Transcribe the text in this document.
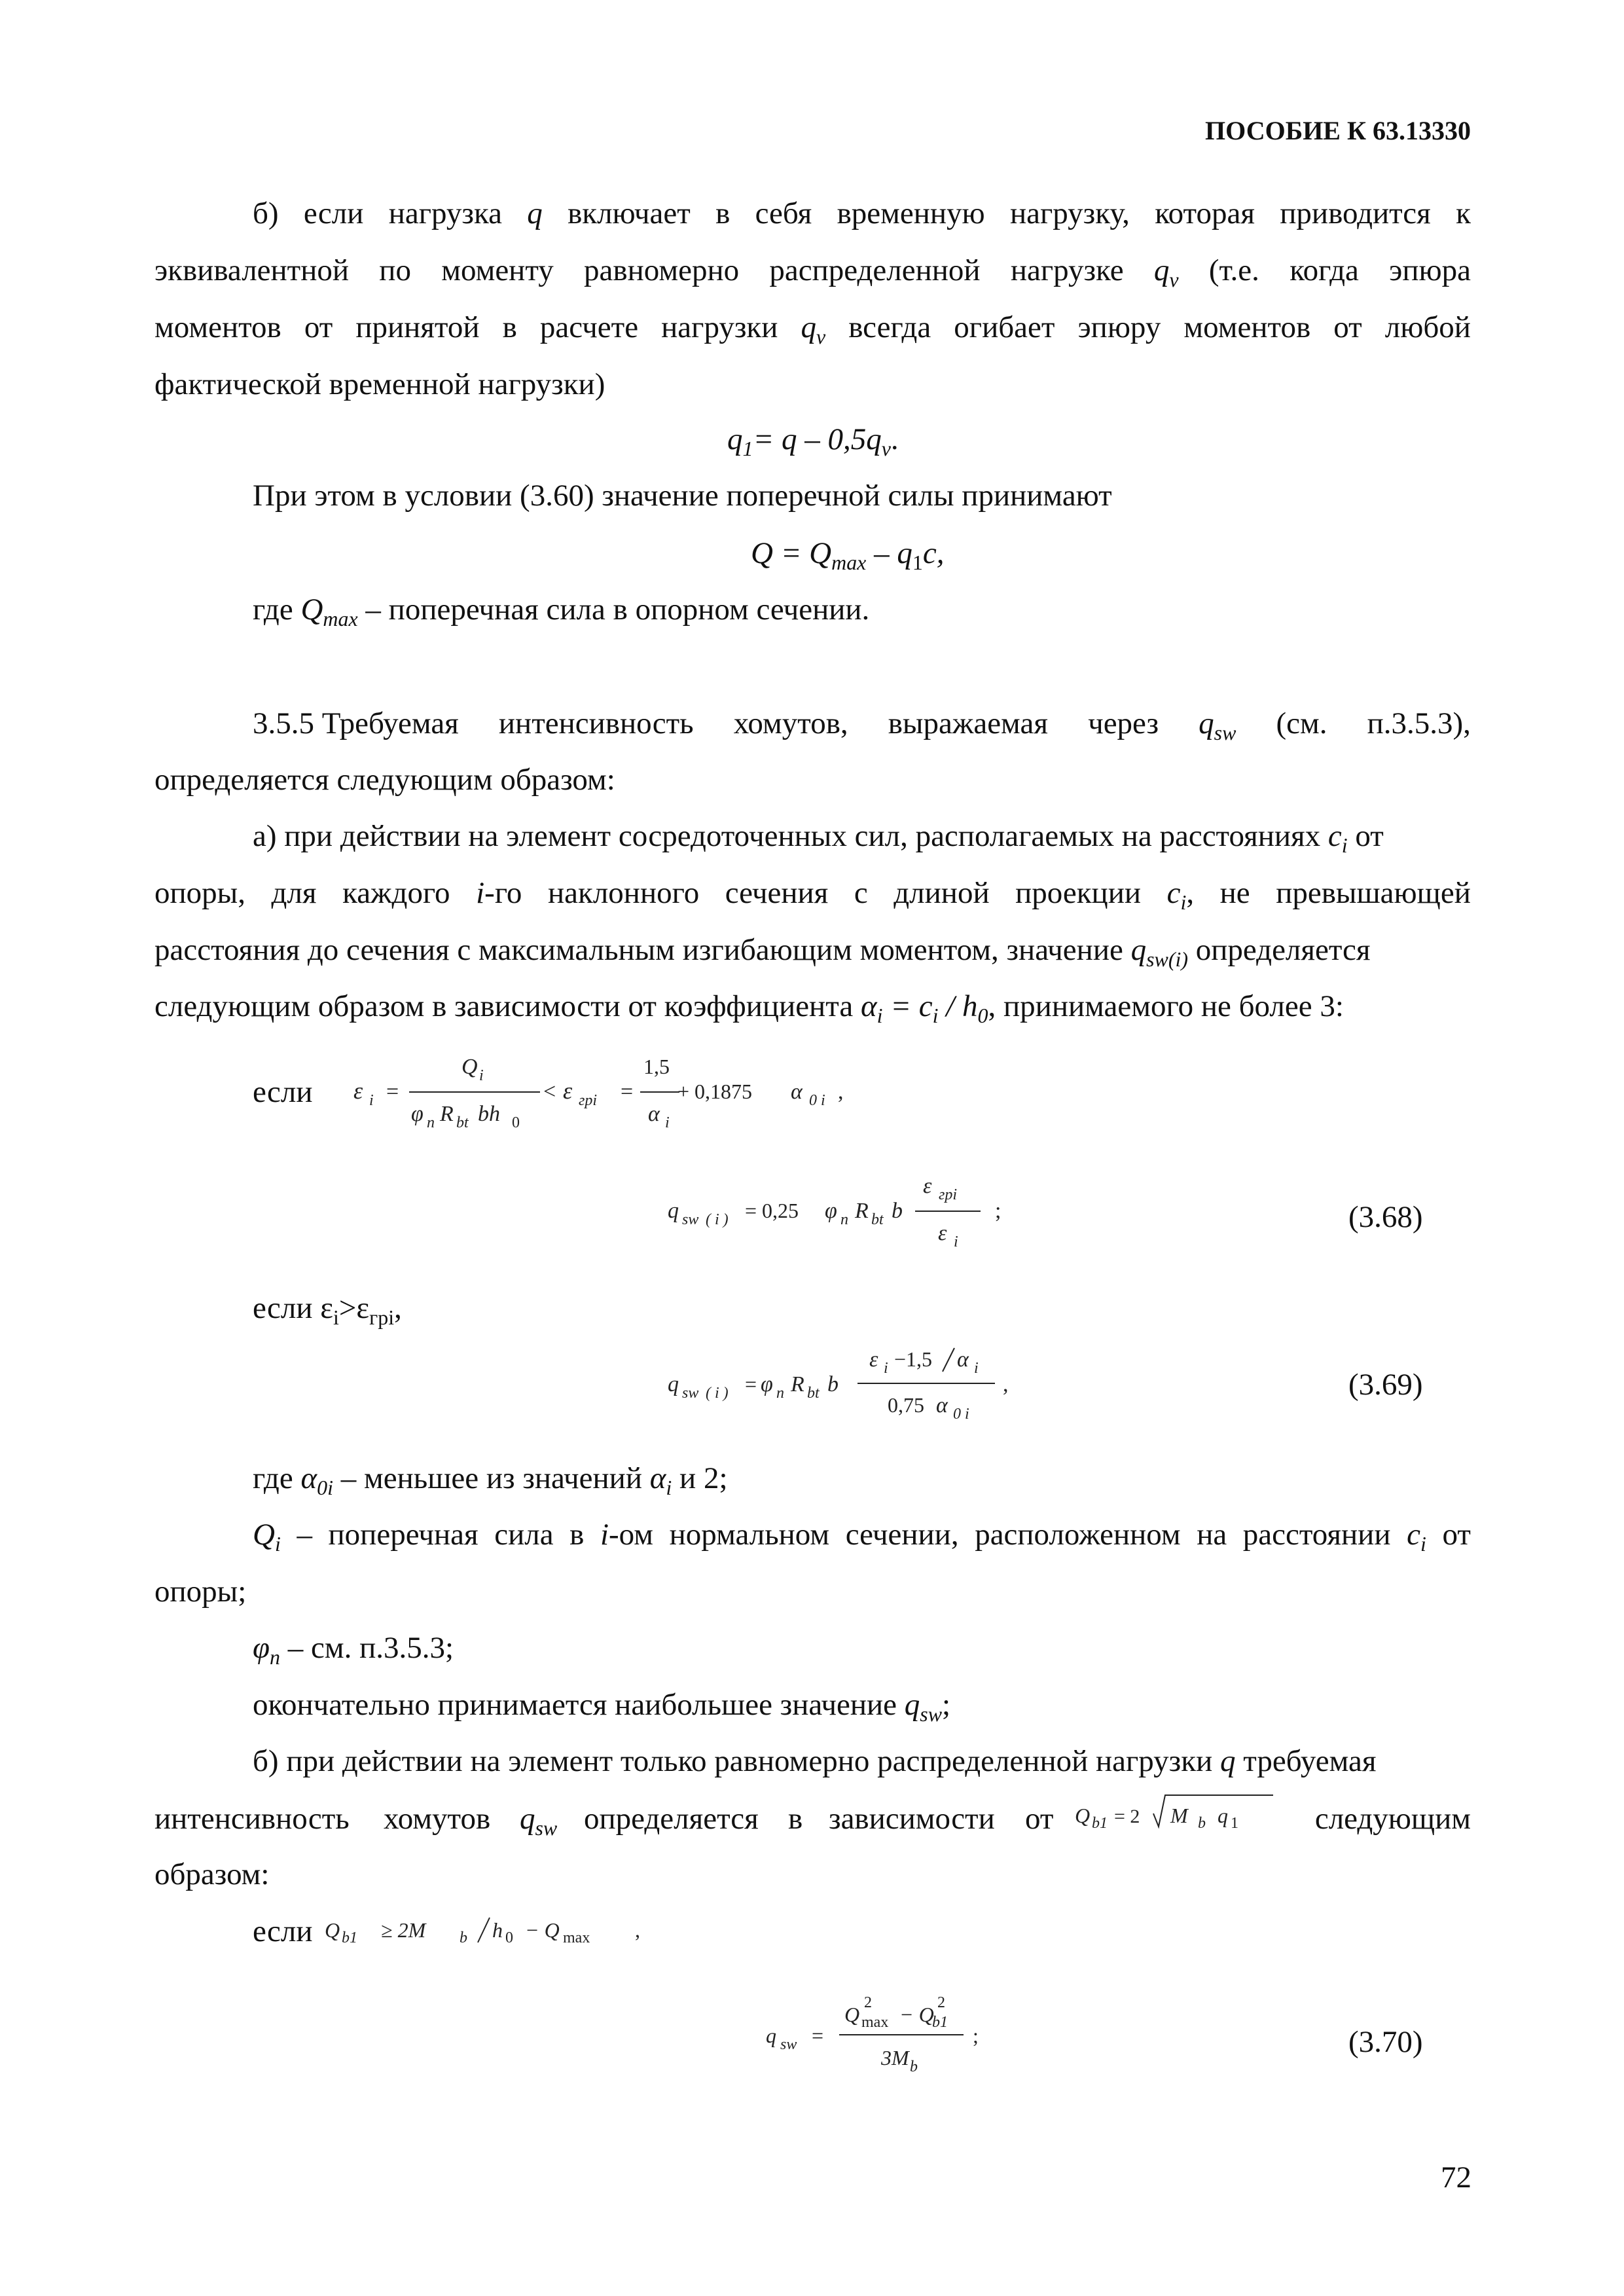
ПОСОБИЕ К 63.13330
б) если нагрузка q включает в себя временную нагрузку, которая приводится к
эквивалентной по моменту равномерно распределенной нагрузке $q_v$ (т.е. когда эпюра
моментов от принятой в расчете нагрузки $q_v$ всегда огибает эпюру моментов от любой
фактической временной нагрузки)
$q_1= q - 0,5q_v$.
При этом в условии (3.60) значение поперечной силы принимают
$Q = Q_{max} - q_1c$,
где $Q_{max}$ – поперечная сила в опорном сечении.
3.5.5 Требуемая интенсивность хомутов, выражаемая через $q_{sw}$ (см. п.3.5.3),
определяется следующим образом:
а) при действии на элемент сосредоточенных сил, располагаемых на расстояниях $c_i$ от
опоры, для каждого i-го наклонного сечения с длиной проекции $c_i$, не превышающей
расстояния до сечения с максимальным изгибающим моментом, значение $q_{sw(i)}$ определяется
следующим образом в зависимости от коэффициента $\alpha_i = c_i / h_0$, принимаемого не более 3:
если ε i =
Q i
φ n R bt bh 0
< ε гpi =
1,5
α i
+ 0,1875 α 0 i ,
q sw ( i ) = 0,25 φ n R bt b
ε гpi
ε i
;	(3.68)
если $\varepsilon_i>\varepsilon_{гpi}$,
q sw ( i ) = φ n R bt b
ε i −1,5 α i
0,75 α 0 i
,	(3.69)
где $\alpha_{0i}$ – меньшее из значений $\alpha_i$ и 2;
$Q_i$ – поперечная сила в i-ом нормальном сечении, расположенном на расстоянии $c_i$ от
опоры;
$\varphi_n$ – см. п.3.5.3;
окончательно принимается наибольшее значение $q_{sw}$;
б) при действии на элемент только равномерно распределенной нагрузки q требуемая
интенсивность хомутов $q_{sw}$ определяется в зависимости от	следующим
Q b1 = 2 M b q 1
образом:
если Q b1 ≥ 2M b h 0 − Q max ,
q sw =
Q 2
max − Q 2
b1
3M b
;	(3.70)
72
